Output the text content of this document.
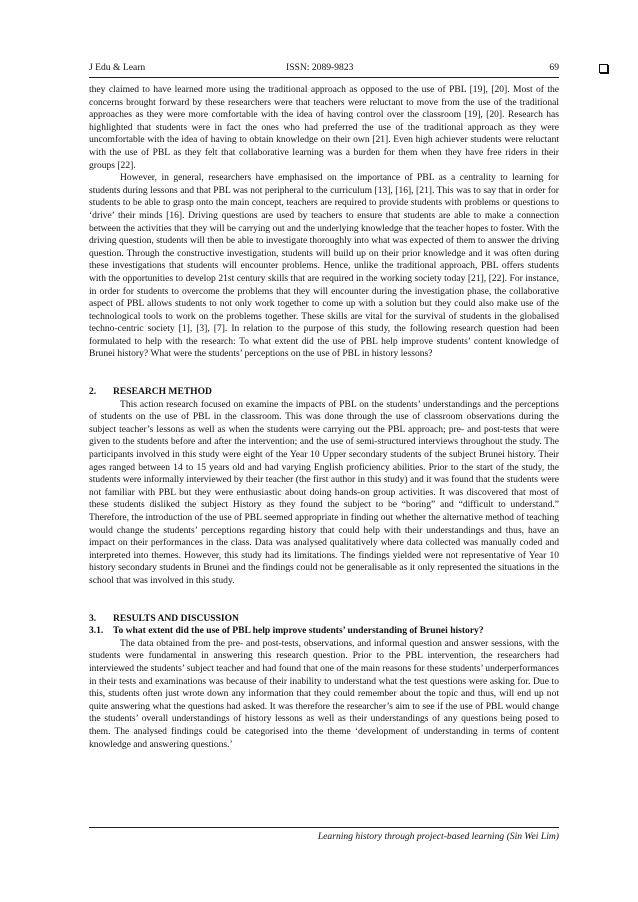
J Edu & Learn	ISSN: 2089-9823	69

they claimed to have learned more using the traditional approach as opposed to the use of PBL [19], [20]. Most of the concerns brought forward by these researchers were that teachers were reluctant to move from the use of the traditional approaches as they were more comfortable with the idea of having control over the classroom [19], [20]. Research has highlighted that students were in fact the ones who had preferred the use of the traditional approach as they were uncomfortable with the idea of having to obtain knowledge on their own [21]. Even high achiever students were reluctant with the use of PBL as they felt that collaborative learning was a burden for them when they have free riders in their groups [22].

However, in general, researchers have emphasised on the importance of PBL as a centrality to learning for students during lessons and that PBL was not peripheral to the curriculum [13], [16], [21]. This was to say that in order for students to be able to grasp onto the main concept, teachers are required to provide students with problems or questions to ‘drive’ their minds [16]. Driving questions are used by teachers to ensure that students are able to make a connection between the activities that they will be carrying out and the underlying knowledge that the teacher hopes to foster. With the driving question, students will then be able to investigate thoroughly into what was expected of them to answer the driving question. Through the constructive investigation, students will build up on their prior knowledge and it was often during these investigations that students will encounter problems. Hence, unlike the traditional approach, PBL offers students with the opportunities to develop 21st century skills that are required in the working society today [21], [22]. For instance, in order for students to overcome the problems that they will encounter during the investigation phase, the collaborative aspect of PBL allows students to not only work together to come up with a solution but they could also make use of the technological tools to work on the problems together. These skills are vital for the survival of students in the globalised techno-centric society [1], [3], [7]. In relation to the purpose of this study, the following research question had been formulated to help with the research: To what extent did the use of PBL help improve students’ content knowledge of Brunei history? What were the students’ perceptions on the use of PBL in history lessons?

2. RESEARCH METHOD

This action research focused on examine the impacts of PBL on the students’ understandings and the perceptions of students on the use of PBL in the classroom. This was done through the use of classroom observations during the subject teacher’s lessons as well as when the students were carrying out the PBL approach; pre- and post-tests that were given to the students before and after the intervention; and the use of semi-structured interviews throughout the study. The participants involved in this study were eight of the Year 10 Upper secondary students of the subject Brunei history. Their ages ranged between 14 to 15 years old and had varying English proficiency abilities. Prior to the start of the study, the students were informally interviewed by their teacher (the first author in this study) and it was found that the students were not familiar with PBL but they were enthusiastic about doing hands-on group activities. It was discovered that most of these students disliked the subject History as they found the subject to be “boring” and “difficult to understand.” Therefore, the introduction of the use of PBL seemed appropriate in finding out whether the alternative method of teaching would change the students’ perceptions regarding history that could help with their understandings and thus, have an impact on their performances in the class. Data was analysed qualitatively where data collected was manually coded and interpreted into themes. However, this study had its limitations. The findings yielded were not representative of Year 10 history secondary students in Brunei and the findings could not be generalisable as it only represented the situations in the school that was involved in this study.

3. RESULTS AND DISCUSSION

3.1. To what extent did the use of PBL help improve students’ understanding of Brunei history?

The data obtained from the pre- and post-tests, observations, and informal question and answer sessions, with the students were fundamental in answering this research question. Prior to the PBL intervention, the researchers had interviewed the students’ subject teacher and had found that one of the main reasons for these students’ underperformances in their tests and examinations was because of their inability to understand what the test questions were asking for. Due to this, students often just wrote down any information that they could remember about the topic and thus, will end up not quite answering what the questions had asked. It was therefore the researcher’s aim to see if the use of PBL would change the students’ overall understandings of history lessons as well as their understandings of any questions being posed to them. The analysed findings could be categorised into the theme ‘development of understanding in terms of content knowledge and answering questions.’

Learning history through project-based learning (Sin Wei Lim)
